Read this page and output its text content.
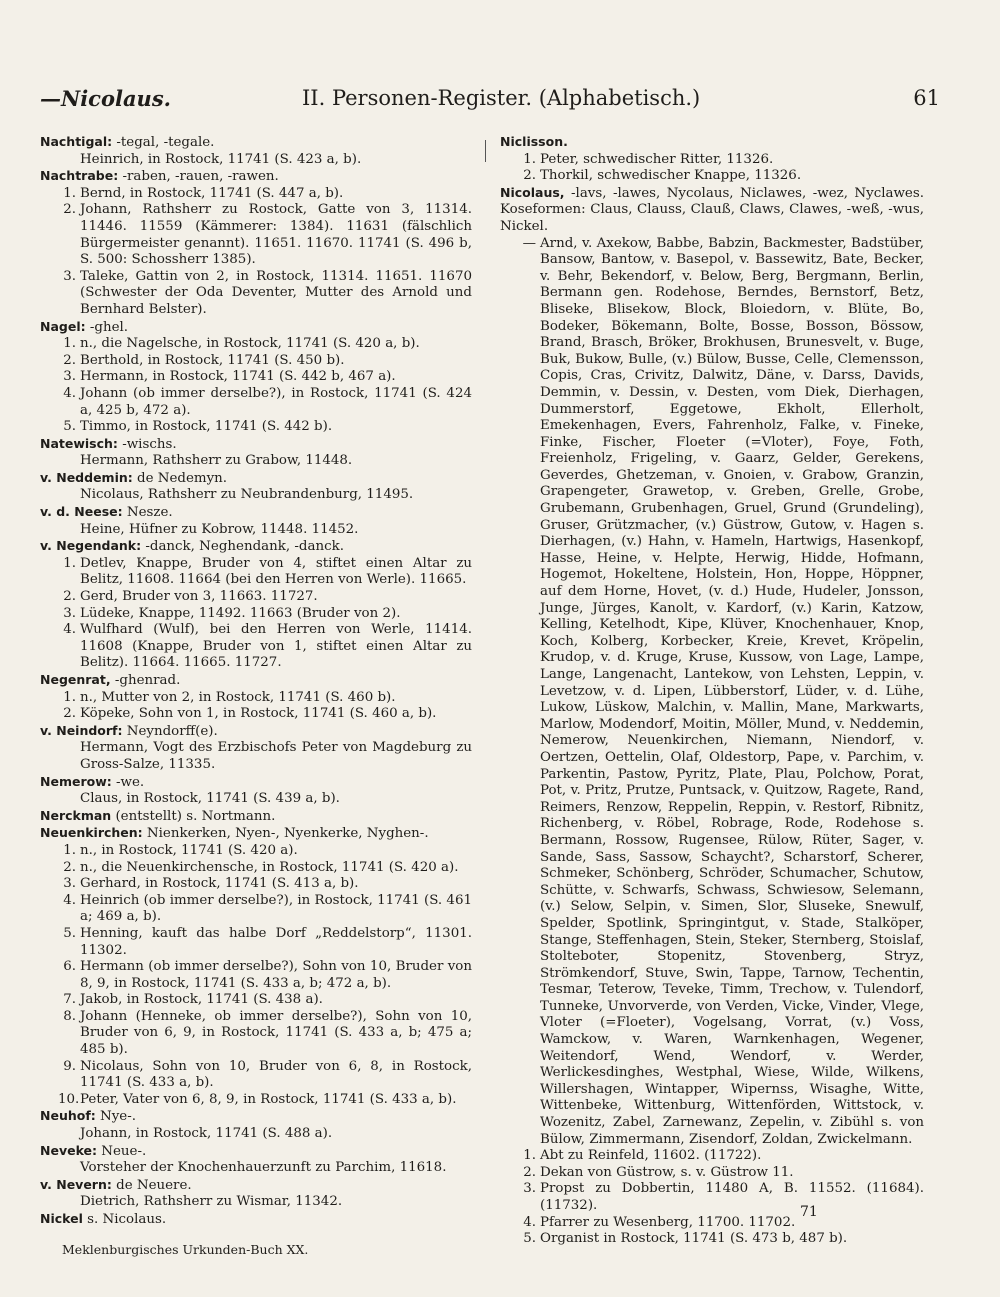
—Nicolaus.	II. Personen-Register. (Alphabetisch.)	61
Nachtigal: -tegal, -tegale.
Heinrich, in Rostock, 11741 (S. 423 a, b).
Nachtrabe: -raben, -rauen, -rawen.
1. Bernd, in Rostock, 11741 (S. 447 a, b).
2. Johann, Rathsherr zu Rostock, Gatte von 3, 11314. 11446. 11559 (Kämmerer: 1384). 11631 (fälschlich Bürgermeister genannt). 11651. 11670. 11741 (S. 496 b, S. 500: Schossherr 1385).
3. Taleke, Gattin von 2, in Rostock, 11314. 11651. 11670 (Schwester der Oda Deventer, Mutter des Arnold und Bernhard Belster).
Nagel: -ghel.
1. n., die Nagelsche, in Rostock, 11741 (S. 420 a, b).
2. Berthold, in Rostock, 11741 (S. 450 b).
3. Hermann, in Rostock, 11741 (S. 442 b, 467 a).
4. Johann (ob immer derselbe?), in Rostock, 11741 (S. 424 a, 425 b, 472 a).
5. Timmo, in Rostock, 11741 (S. 442 b).
Natewisch: -wischs.
Hermann, Rathsherr zu Grabow, 11448.
v. Neddemin: de Nedemyn.
Nicolaus, Rathsherr zu Neubrandenburg, 11495.
v. d. Neese: Nesze.
Heine, Hüfner zu Kobrow, 11448. 11452.
v. Negendank: -danck, Neghendank, -danck.
1. Detlev, Knappe, Bruder von 4, stiftet einen Altar zu Belitz, 11608. 11664 (bei den Herren von Werle). 11665.
2. Gerd, Bruder von 3, 11663. 11727.
3. Lüdeke, Knappe, 11492. 11663 (Bruder von 2).
4. Wulfhard (Wulf), bei den Herren von Werle, 11414. 11608 (Knappe, Bruder von 1, stiftet einen Altar zu Belitz). 11664. 11665. 11727.
Negenrat, -ghenrad.
1. n., Mutter von 2, in Rostock, 11741 (S. 460 b).
2. Köpeke, Sohn von 1, in Rostock, 11741 (S. 460 a, b).
v. Neindorf: Neyndorff(e).
Hermann, Vogt des Erzbischofs Peter von Magdeburg zu Gross-Salze, 11335.
Nemerow: -we.
Claus, in Rostock, 11741 (S. 439 a, b).
Nerckman (entstellt) s. Nortmann.
Neuenkirchen: Nienkerken, Nyen-, Nyenkerke, Nyghen-.
1. n., in Rostock, 11741 (S. 420 a).
2. n., die Neuenkirchensche, in Rostock, 11741 (S. 420 a).
3. Gerhard, in Rostock, 11741 (S. 413 a, b).
4. Heinrich (ob immer derselbe?), in Rostock, 11741 (S. 461 a; 469 a, b).
5. Henning, kauft das halbe Dorf „Reddelstorp“, 11301. 11302.
6. Hermann (ob immer derselbe?), Sohn von 10, Bruder von 8, 9, in Rostock, 11741 (S. 433 a, b; 472 a, b).
7. Jakob, in Rostock, 11741 (S. 438 a).
8. Johann (Henneke, ob immer derselbe?), Sohn von 10, Bruder von 6, 9, in Rostock, 11741 (S. 433 a, b; 475 a; 485 b).
9. Nicolaus, Sohn von 10, Bruder von 6, 8, in Rostock, 11741 (S. 433 a, b).
10.Peter, Vater von 6, 8, 9, in Rostock, 11741 (S. 433 a, b).
Neuhof: Nye-.
Johann, in Rostock, 11741 (S. 488 a).
Neveke: Neue-.
Vorsteher der Knochenhauerzunft zu Parchim, 11618.
v. Nevern: de Neuere.
Dietrich, Rathsherr zu Wismar, 11342.
Nickel s. Nicolaus.
Niclisson.
1. Peter, schwedischer Ritter, 11326.
2. Thorkil, schwedischer Knappe, 11326.
Nicolaus, -lavs, -lawes, Nycolaus, Niclawes, -wez, Nyclawes. Koseformen: Claus, Clauss, Clauß, Claws, Clawes, -weß, -wus, Nickel.
— Arnd, v. Axekow, Babbe, Babzin, Backmester, Badstüber, Bansow, Bantow, v. Basepol, v. Bassewitz, Bate, Becker, v. Behr, Bekendorf, v. Below, Berg, Bergmann, Berlin, Bermann gen. Rodehose, Berndes, Bernstorf, Betz, Bliseke, Blisekow, Block, Bloiedorn, v. Blüte, Bo, Bodeker, Bökemann, Bolte, Bosse, Bosson, Bössow, Brand, Brasch, Bröker, Brokhusen, Brunesvelt, v. Buge, Buk, Bukow, Bulle, (v.) Bülow, Busse, Celle, Clemensson, Copis, Cras, Crivitz, Dalwitz, Däne, v. Darss, Davids, Demmin, v. Dessin, v. Desten, vom Diek, Dierhagen, Dummerstorf, Eggetowe, Ekholt, Ellerholt, Emekenhagen, Evers, Fahrenholz, Falke, v. Fineke, Finke, Fischer, Floeter (=Vloter), Foye, Foth, Freienholz, Frigeling, v. Gaarz, Gelder, Gerekens, Geverdes, Ghetzeman, v. Gnoien, v. Grabow, Granzin, Grapengeter, Grawetop, v. Greben, Grelle, Grobe, Grubemann, Grubenhagen, Gruel, Grund (Grundeling), Gruser, Grützmacher, (v.) Güstrow, Gutow, v. Hagen s. Dierhagen, (v.) Hahn, v. Hameln, Hartwigs, Hasenkopf, Hasse, Heine, v. Helpte, Herwig, Hidde, Hofmann, Hogemot, Hokeltene, Holstein, Hon, Hoppe, Höppner, auf dem Horne, Hovet, (v. d.) Hude, Hudeler, Jonsson, Junge, Jürges, Kanolt, v. Kardorf, (v.) Karin, Katzow, Kelling, Ketelhodt, Kipe, Klüver, Knochenhauer, Knop, Koch, Kolberg, Korbecker, Kreie, Krevet, Kröpelin, Krudop, v. d. Kruge, Kruse, Kussow, von Lage, Lampe, Lange, Langenacht, Lantekow, von Lehsten, Leppin, v. Levetzow, v. d. Lipen, Lübberstorf, Lüder, v. d. Lühe, Lukow, Lüskow, Malchin, v. Mallin, Mane, Markwarts, Marlow, Modendorf, Moitin, Möller, Mund, v. Neddemin, Nemerow, Neuenkirchen, Niemann, Niendorf, v. Oertzen, Oettelin, Olaf, Oldestorp, Pape, v. Parchim, v. Parkentin, Pastow, Pyritz, Plate, Plau, Polchow, Porat, Pot, v. Pritz, Prutze, Puntsack, v. Quitzow, Ragete, Rand, Reimers, Renzow, Reppelin, Reppin, v. Restorf, Ribnitz, Richenberg, v. Röbel, Robrage, Rode, Rodehose s. Bermann, Rossow, Rugensee, Rülow, Rüter, Sager, v. Sande, Sass, Sassow, Schaycht?, Scharstorf, Scherer, Schmeker, Schönberg, Schröder, Schumacher, Schutow, Schütte, v. Schwarfs, Schwass, Schwiesow, Selemann, (v.) Selow, Selpin, v. Simen, Slor, Sluseke, Snewulf, Spelder, Spotlink, Springintgut, v. Stade, Stalköper, Stange, Steffenhagen, Stein, Steker, Sternberg, Stoislaf, Stolteboter, Stopenitz, Stovenberg, Stryz, Strömkendorf, Stuve, Swin, Tappe, Tarnow, Techentin, Tesmar, Teterow, Teveke, Timm, Trechow, v. Tulendorf, Tunneke, Unvorverde, von Verden, Vicke, Vinder, Vlege, Vloter (=Floeter), Vogelsang, Vorrat, (v.) Voss, Wamckow, v. Waren, Warnkenhagen, Wegener, Weitendorf, Wend, Wendorf, v. Werder, Werlickesdinghes, Westphal, Wiese, Wilde, Wilkens, Willershagen, Wintapper, Wipernss, Wisaghe, Witte, Wittenbeke, Wittenburg, Wittenförden, Wittstock, v. Wozenitz, Zabel, Zarnewanz, Zepelin, v. Zibühl s. von Bülow, Zimmermann, Zisendorf, Zoldan, Zwickelmann.
1. Abt zu Reinfeld, 11602. (11722).
2. Dekan von Güstrow, s. v. Güstrow 11.
3. Propst zu Dobbertin, 11480 A, B. 11552. (11684). (11732).
4. Pfarrer zu Wesenberg, 11700. 11702.
5. Organist in Rostock, 11741 (S. 473 b, 487 b).
71
Meklenburgisches Urkunden-Buch XX.
